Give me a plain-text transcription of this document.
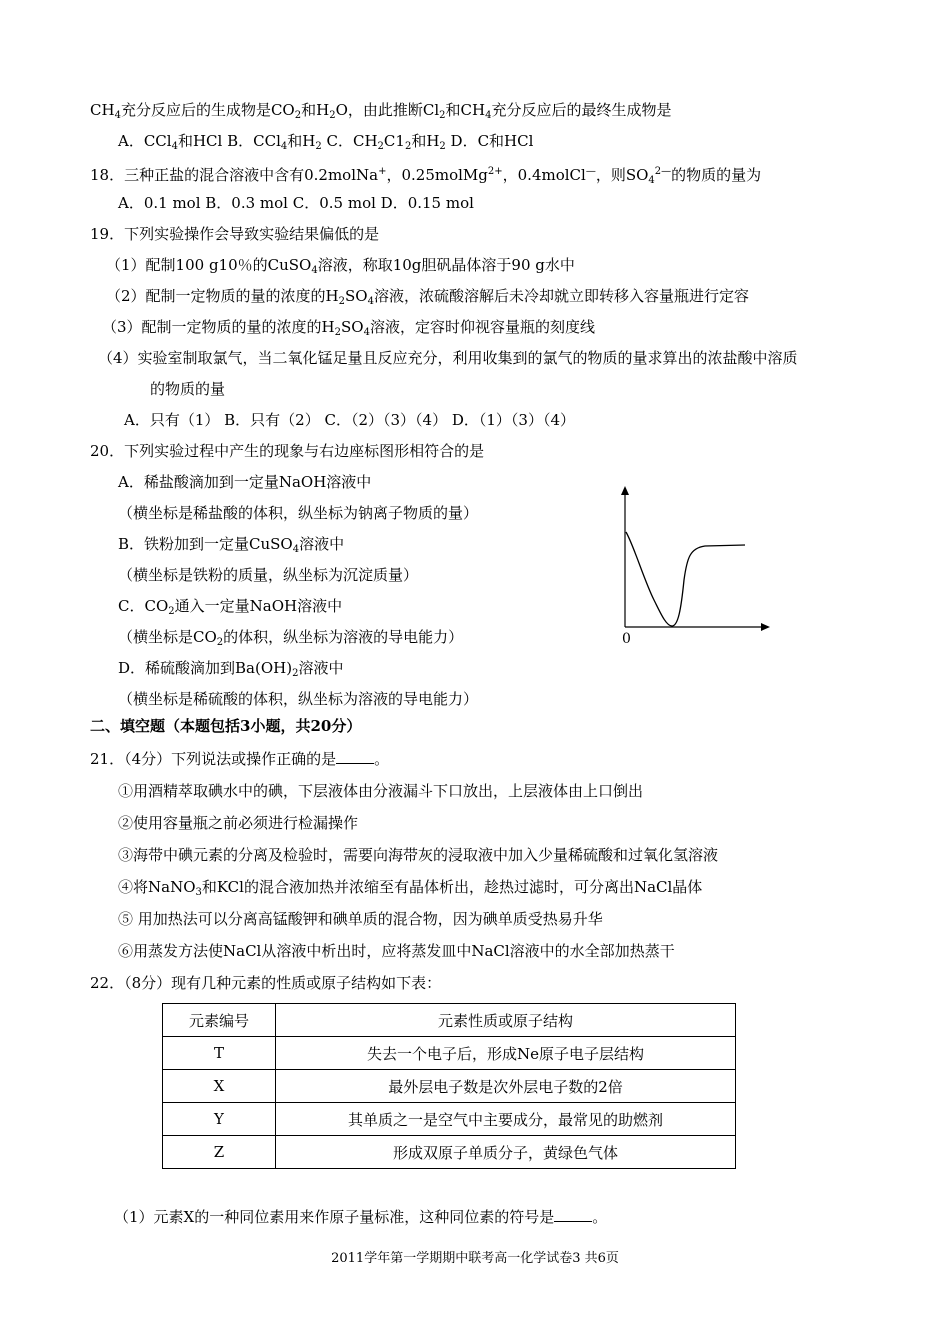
$CH_4$充分反应后的生成物是$CO_2$和$H_2O$，由此推断$Cl_2$和$CH_4$充分反应后的最终生成物是
A．CCl$_4$和HCl B．CCl$_4$和$H_2$ C．$CH_2C1_2$和$H_2$ D．C和HCl
18．三种正盐的混合溶液中含有0.2molNa+，0.25molMg$^{2+}$，0.4molCl—，则$SO_4^{2—}$的物质的量为
A．0.1 mol B．0.3 mol C．0.5 mol D．0.15 mol
19．下列实验操作会导致实验结果偏低的是
（1）配制100 g10％的CuSO$_4$溶液，称取10g胆矾晶体溶于90 g水中
（2）配制一定物质的量的浓度的$H_2SO_4$溶液，浓硫酸溶解后未冷却就立即转移入容量瓶进行定容
（3）配制一定物质的量的浓度的$H_2SO_4$溶液，定容时仰视容量瓶的刻度线
（4）实验室制取氯气，当二氧化锰足量且反应充分，利用收集到的氯气的物质的量求算出的浓盐酸中溶质
的物质的量
A．只有（1） B．只有（2） C．（2）（3）（4） D．（1）（3）（4）
20．下列实验过程中产生的现象与右边座标图形相符合的是
A．稀盐酸滴加到一定量NaOH溶液中
（横坐标是稀盐酸的体积，纵坐标为钠离子物质的量）
B．铁粉加到一定量CuSO$_4$溶液中
（横坐标是铁粉的质量，纵坐标为沉淀质量）
C．$CO_2$通入一定量NaOH溶液中
（横坐标是$CO_2$的体积，纵坐标为溶液的导电能力）
D．稀硫酸滴加到$Ba(OH)_2$溶液中
（横坐标是稀硫酸的体积，纵坐标为溶液的导电能力）
0
二、填空题（本题包括3小题，共20分）
21．（4分）下列说法或操作正确的是	。
①用酒精萃取碘水中的碘，下层液体由分液漏斗下口放出，上层液体由上口倒出
②使用容量瓶之前必须进行检漏操作
③海带中碘元素的分离及检验时，需要向海带灰的浸取液中加入少量稀硫酸和过氧化氢溶液
④将NaNO$_3$和KCl的混合液加热并浓缩至有晶体析出，趁热过滤时，可分离出NaCl晶体
⑤ 用加热法可以分离高锰酸钾和碘单质的混合物，因为碘单质受热易升华
⑥用蒸发方法使NaCl从溶液中析出时，应将蒸发皿中NaCl溶液中的水全部加热蒸干
22．（8分）现有几种元素的性质或原子结构如下表：
元素编号	元素性质或原子结构
T	失去一个电子后，形成Ne原子电子层结构
X	最外层电子数是次外层电子数的2倍
Y	其单质之一是空气中主要成分，最常见的助燃剂
Z	形成双原子单质分子，黄绿色气体
（1）元素X的一种同位素用来作原子量标准，这种同位素的符号是	。
2011学年第一学期期中联考高一化学试卷3 共6页
